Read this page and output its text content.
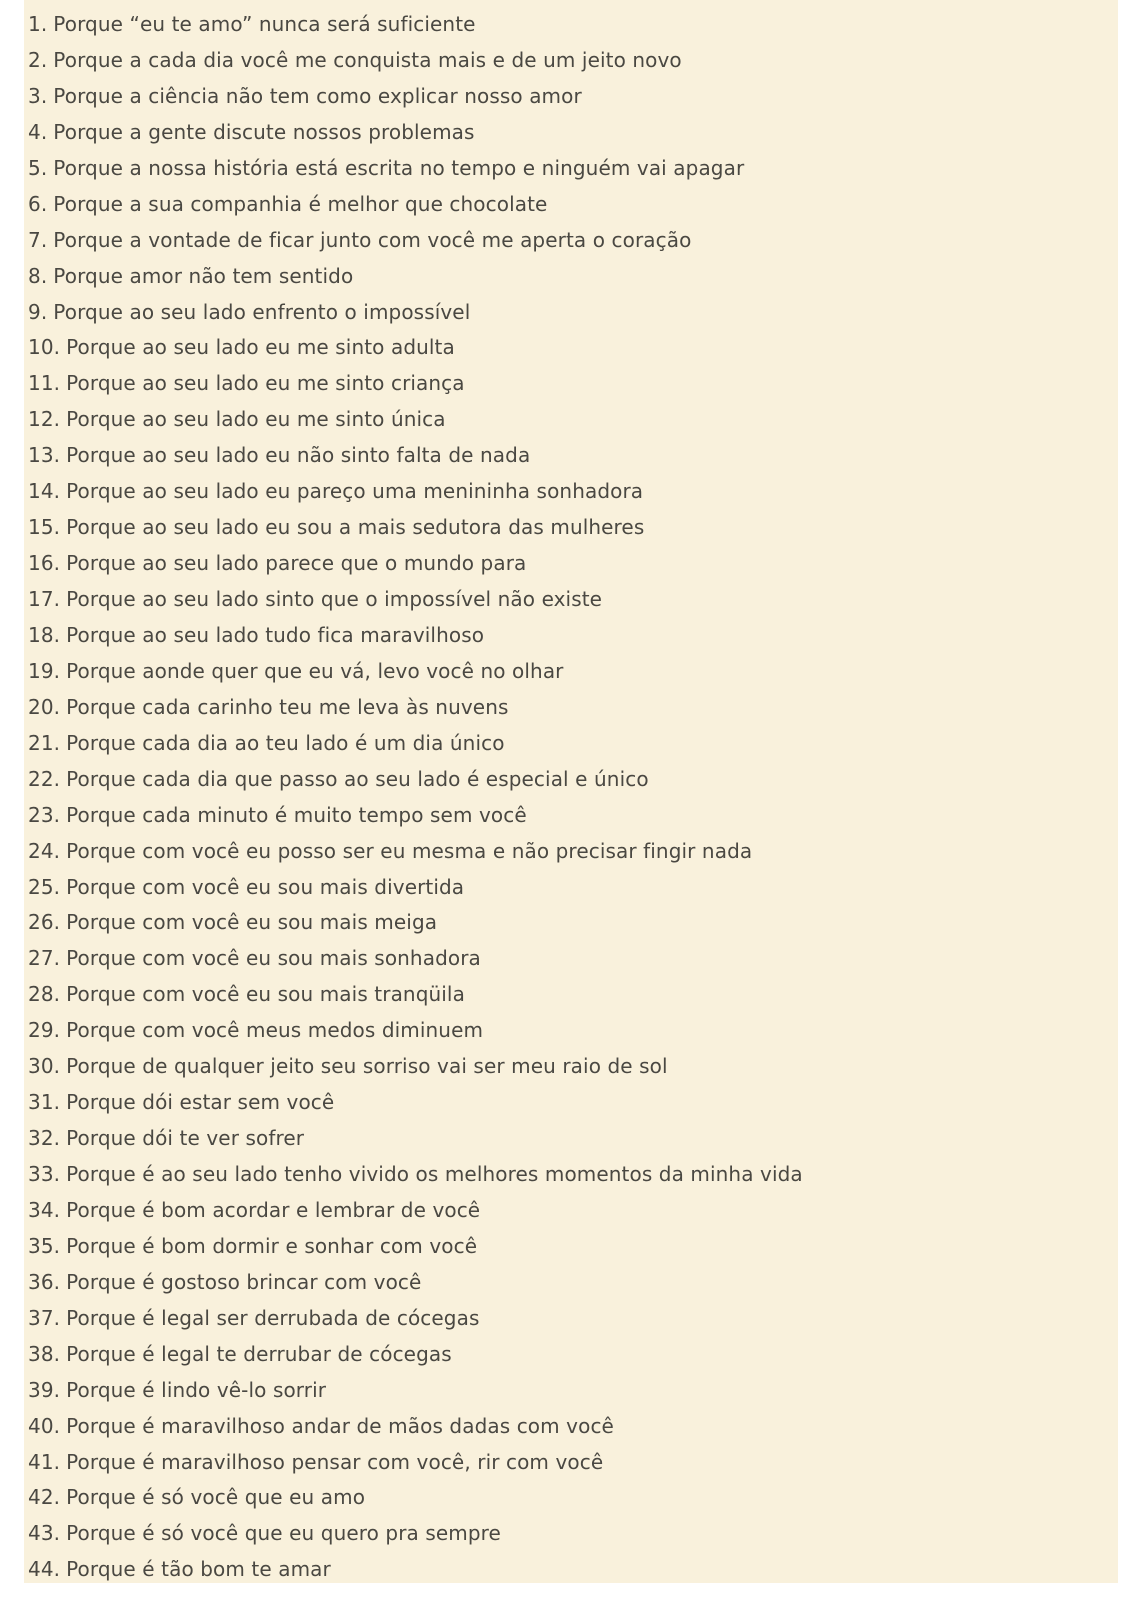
1. Porque “eu te amo” nunca será suficiente
2. Porque a cada dia você me conquista mais e de um jeito novo
3. Porque a ciência não tem como explicar nosso amor
4. Porque a gente discute nossos problemas
5. Porque a nossa história está escrita no tempo e ninguém vai apagar
6. Porque a sua companhia é melhor que chocolate
7. Porque a vontade de ficar junto com você me aperta o coração
8. Porque amor não tem sentido
9. Porque ao seu lado enfrento o impossível
10. Porque ao seu lado eu me sinto adulta
11. Porque ao seu lado eu me sinto criança
12. Porque ao seu lado eu me sinto única
13. Porque ao seu lado eu não sinto falta de nada
14. Porque ao seu lado eu pareço uma menininha sonhadora
15. Porque ao seu lado eu sou a mais sedutora das mulheres
16. Porque ao seu lado parece que o mundo para
17. Porque ao seu lado sinto que o impossível não existe
18. Porque ao seu lado tudo fica maravilhoso
19. Porque aonde quer que eu vá, levo você no olhar
20. Porque cada carinho teu me leva às nuvens
21. Porque cada dia ao teu lado é um dia único
22. Porque cada dia que passo ao seu lado é especial e único
23. Porque cada minuto é muito tempo sem você
24. Porque com você eu posso ser eu mesma e não precisar fingir nada
25. Porque com você eu sou mais divertida
26. Porque com você eu sou mais meiga
27. Porque com você eu sou mais sonhadora
28. Porque com você eu sou mais tranqüila
29. Porque com você meus medos diminuem
30. Porque de qualquer jeito seu sorriso vai ser meu raio de sol
31. Porque dói estar sem você
32. Porque dói te ver sofrer
33. Porque é ao seu lado tenho vivido os melhores momentos da minha vida
34. Porque é bom acordar e lembrar de você
35. Porque é bom dormir e sonhar com você
36. Porque é gostoso brincar com você
37. Porque é legal ser derrubada de cócegas
38. Porque é legal te derrubar de cócegas
39. Porque é lindo vê-lo sorrir
40. Porque é maravilhoso andar de mãos dadas com você
41. Porque é maravilhoso pensar com você, rir com você
42. Porque é só você que eu amo
43. Porque é só você que eu quero pra sempre
44. Porque é tão bom te amar
